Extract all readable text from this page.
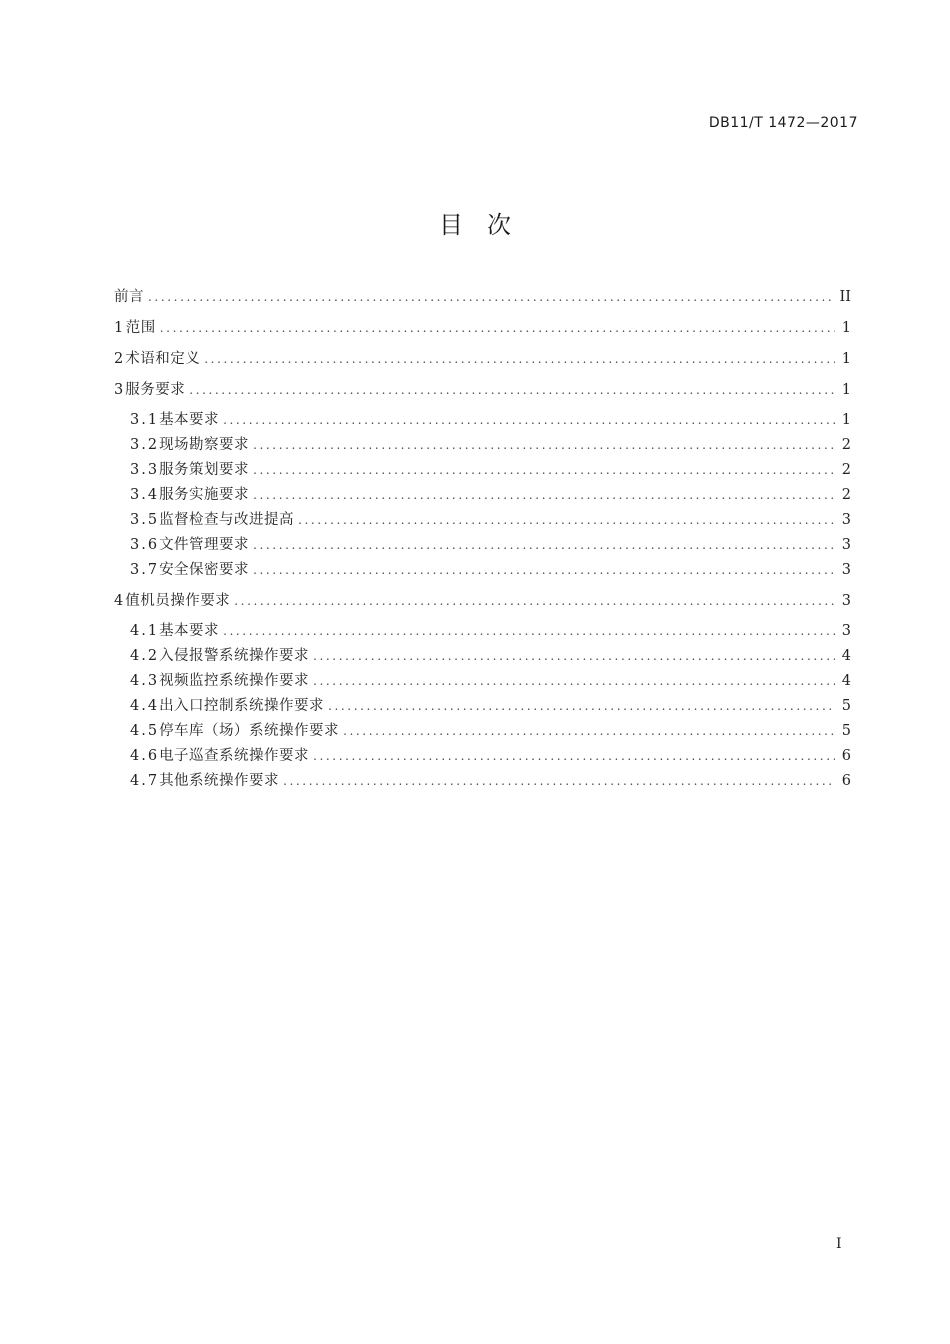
DB11/T 1472—2017
目次
前言 .....	II
1 范围 .....	1
2 术语和定义 .....	1
3 服务要求 .....	1
3.1 基本要求 .....	1
3.2 现场勘察要求 .....	2
3.3 服务策划要求 .....	2
3.4 服务实施要求 .....	2
3.5 监督检查与改进提高 .....	3
3.6 文件管理要求 .....	3
3.7 安全保密要求 .....	3
4 值机员操作要求 .....	3
4.1 基本要求 .....	3
4.2 入侵报警系统操作要求 .....	4
4.3 视频监控系统操作要求 .....	4
4.4 出入口控制系统操作要求 .....	5
4.5 停车库（场）系统操作要求 .....	5
4.6 电子巡查系统操作要求 .....	6
4.7 其他系统操作要求 .....	6
I
